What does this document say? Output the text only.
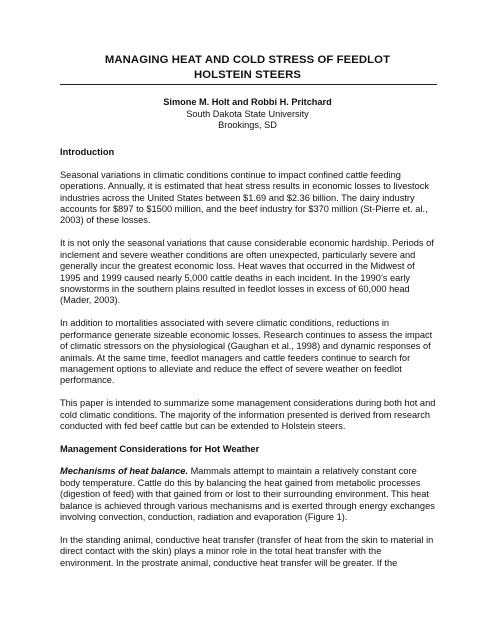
MANAGING HEAT AND COLD STRESS OF FEEDLOT
HOLSTEIN STEERS
Simone M. Holt and Robbi H. Pritchard
South Dakota State University
Brookings, SD
Introduction

Seasonal variations in climatic conditions continue to impact confined cattle feeding operations. Annually, it is estimated that heat stress results in economic losses to livestock industries across the United States between $1.69 and $2.36 billion. The dairy industry accounts for $897 to $1500 million, and the beef industry for $370 million (St-Pierre et. al., 2003) of these losses.

It is not only the seasonal variations that cause considerable economic hardship. Periods of inclement and severe weather conditions are often unexpected, particularly severe and generally incur the greatest economic loss. Heat waves that occurred in the Midwest of 1995 and 1999 caused nearly 5,000 cattle deaths in each incident. In the 1990’s early snowstorms in the southern plains resulted in feedlot losses in excess of 60,000 head (Mader, 2003).

In addition to mortalities associated with severe climatic conditions, reductions in performance generate sizeable economic losses. Research continues to assess the impact of climatic stressors on the physiological (Gaughan et al., 1998) and dynamic responses of animals. At the same time, feedlot managers and cattle feeders continue to search for management options to alleviate and reduce the effect of severe weather on feedlot performance.

This paper is intended to summarize some management considerations during both hot and cold climatic conditions. The majority of the information presented is derived from research conducted with fed beef cattle but can be extended to Holstein steers.

Management Considerations for Hot Weather

Mechanisms of heat balance. Mammals attempt to maintain a relatively constant core body temperature. Cattle do this by balancing the heat gained from metabolic processes (digestion of feed) with that gained from or lost to their surrounding environment. This heat balance is achieved through various mechanisms and is exerted through energy exchanges involving convection, conduction, radiation and evaporation (Figure 1).

In the standing animal, conductive heat transfer (transfer of heat from the skin to material in direct contact with the skin) plays a minor role in the total heat transfer with the environment. In the prostrate animal, conductive heat transfer will be greater. If the
